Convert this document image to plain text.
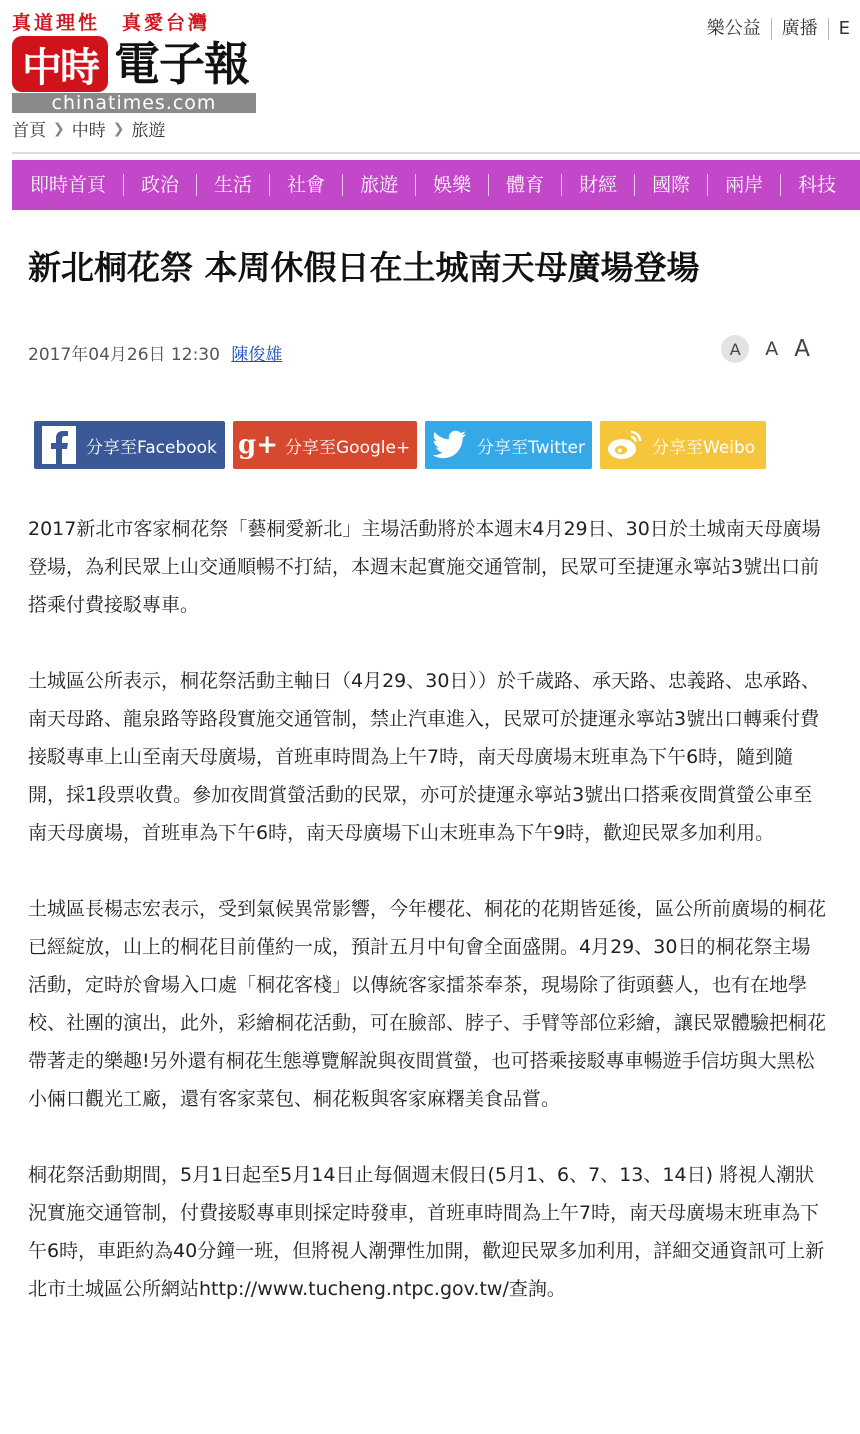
樂公益	廣播	E
真道理性　真愛台灣
中時 電子報
chinatimes.com
首頁 ❯ 中時 ❯ 旅遊
即時首頁	政治	生活	社會	旅遊	娛樂	體育	財經	國際	兩岸	科技
新北桐花祭 本周休假日在土城南天母廣場登場
2017年04月26日 12:30 陳俊雄	A	A A
分享至Facebook g+ 分享至Google+	分享至Twitter	分享至Weibo

2017新北市客家桐花祭「藝桐愛新北」主場活動將於本週末4月29日、30日於土城南天母廣場登場，為利民眾上山交通順暢不打結，本週末起實施交通管制，民眾可至捷運永寧站3號出口前搭乘付費接駁專車。

土城區公所表示，桐花祭活動主軸日（4月29、30日））於千歲路、承天路、忠義路、忠承路、南天母路、龍泉路等路段實施交通管制，禁止汽車進入，民眾可於捷運永寧站3號出口轉乘付費接駁專車上山至南天母廣場，首班車時間為上午7時，南天母廣場末班車為下午6時，隨到隨開，採1段票收費。參加夜間賞螢活動的民眾，亦可於捷運永寧站3號出口搭乘夜間賞螢公車至南天母廣場，首班車為下午6時，南天母廣場下山末班車為下午9時，歡迎民眾多加利用。

土城區長楊志宏表示，受到氣候異常影響，今年櫻花、桐花的花期皆延後，區公所前廣場的桐花已經綻放，山上的桐花目前僅約一成，預計五月中旬會全面盛開。4月29、30日的桐花祭主場活動，定時於會場入口處「桐花客棧」以傳統客家擂茶奉茶，現場除了街頭藝人，也有在地學校、社團的演出，此外，彩繪桐花活動，可在臉部、脖子、手臂等部位彩繪，讓民眾體驗把桐花帶著走的樂趣!另外還有桐花生態導覽解說與夜間賞螢，也可搭乘接駁專車暢遊手信坊與大黑松小倆口觀光工廠，還有客家菜包、桐花粄與客家麻糬美食品嘗。

桐花祭活動期間，5月1日起至5月14日止每個週末假日(5月1、6、7、13、14日) 將視人潮狀況實施交通管制，付費接駁專車則採定時發車，首班車時間為上午7時，南天母廣場末班車為下午6時，車距約為40分鐘一班，但將視人潮彈性加開，歡迎民眾多加利用，詳細交通資訊可上新北市土城區公所網站http://www.tucheng.ntpc.gov.tw/查詢。
